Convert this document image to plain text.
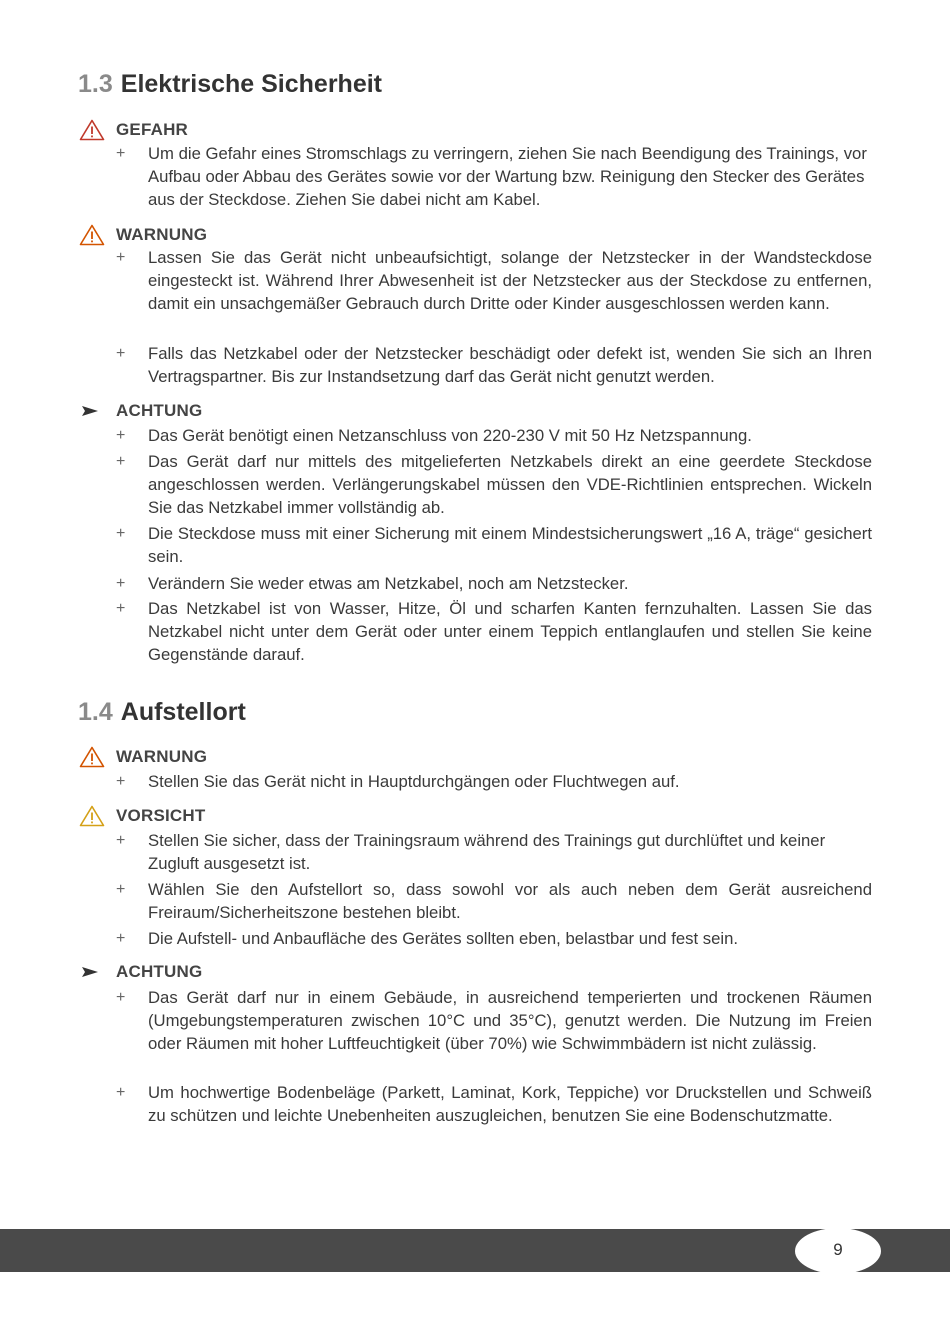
1.3 Elektrische Sicherheit
GEFAHR
+ Um die Gefahr eines Stromschlags zu verringern, ziehen Sie nach Beendigung des Trainings, vor Aufbau oder Abbau des Gerätes sowie vor der Wartung bzw. Reinigung den Stecker des Gerätes aus der Steckdose. Ziehen Sie dabei nicht am Kabel.
WARNUNG
+ Lassen Sie das Gerät nicht unbeaufsichtigt, solange der Netzstecker in der Wandsteckdose eingesteckt ist. Während Ihrer Abwesenheit ist der Netzstecker aus der Steckdose zu entfernen, damit ein unsachgemäßer Gebrauch durch Dritte oder Kinder ausgeschlossen werden kann.
+ Falls das Netzkabel oder der Netzstecker beschädigt oder defekt ist, wenden Sie sich an Ihren Vertragspartner. Bis zur Instandsetzung darf das Gerät nicht genutzt werden.
ACHTUNG
+ Das Gerät benötigt einen Netzanschluss von 220-230 V mit 50 Hz Netzspannung.
+ Das Gerät darf nur mittels des mitgelieferten Netzkabels direkt an eine geerdete Steckdose angeschlossen werden. Verlängerungskabel müssen den VDE-Richtlinien entsprechen. Wickeln Sie das Netzkabel immer vollständig ab.
+ Die Steckdose muss mit einer Sicherung mit einem Mindestsicherungswert „16 A, träge“ gesichert sein.
+ Verändern Sie weder etwas am Netzkabel, noch am Netzstecker.
+ Das Netzkabel ist von Wasser, Hitze, Öl und scharfen Kanten fernzuhalten. Lassen Sie das Netzkabel nicht unter dem Gerät oder unter einem Teppich entlanglaufen und stellen Sie keine Gegenstände darauf.
1.4 Aufstellort
WARNUNG
+ Stellen Sie das Gerät nicht in Hauptdurchgängen oder Fluchtwegen auf.
VORSICHT
+ Stellen Sie sicher, dass der Trainingsraum während des Trainings gut durchlüftet und keiner Zugluft ausgesetzt ist.
+ Wählen Sie den Aufstellort so, dass sowohl vor als auch neben dem Gerät ausreichend Freiraum/Sicherheitszone bestehen bleibt.
+ Die Aufstell- und Anbaufläche des Gerätes sollten eben, belastbar und fest sein.
ACHTUNG
+ Das Gerät darf nur in einem Gebäude, in ausreichend temperierten und trockenen Räumen (Umgebungstemperaturen zwischen 10°C und 35°C), genutzt werden. Die Nutzung im Freien oder Räumen mit hoher Luftfeuchtigkeit (über 70%) wie Schwimmbädern ist nicht zulässig.
+ Um hochwertige Bodenbeläge (Parkett, Laminat, Kork, Teppiche) vor Druckstellen und Schweiß zu schützen und leichte Unebenheiten auszugleichen, benutzen Sie eine Bodenschutzmatte.
9
